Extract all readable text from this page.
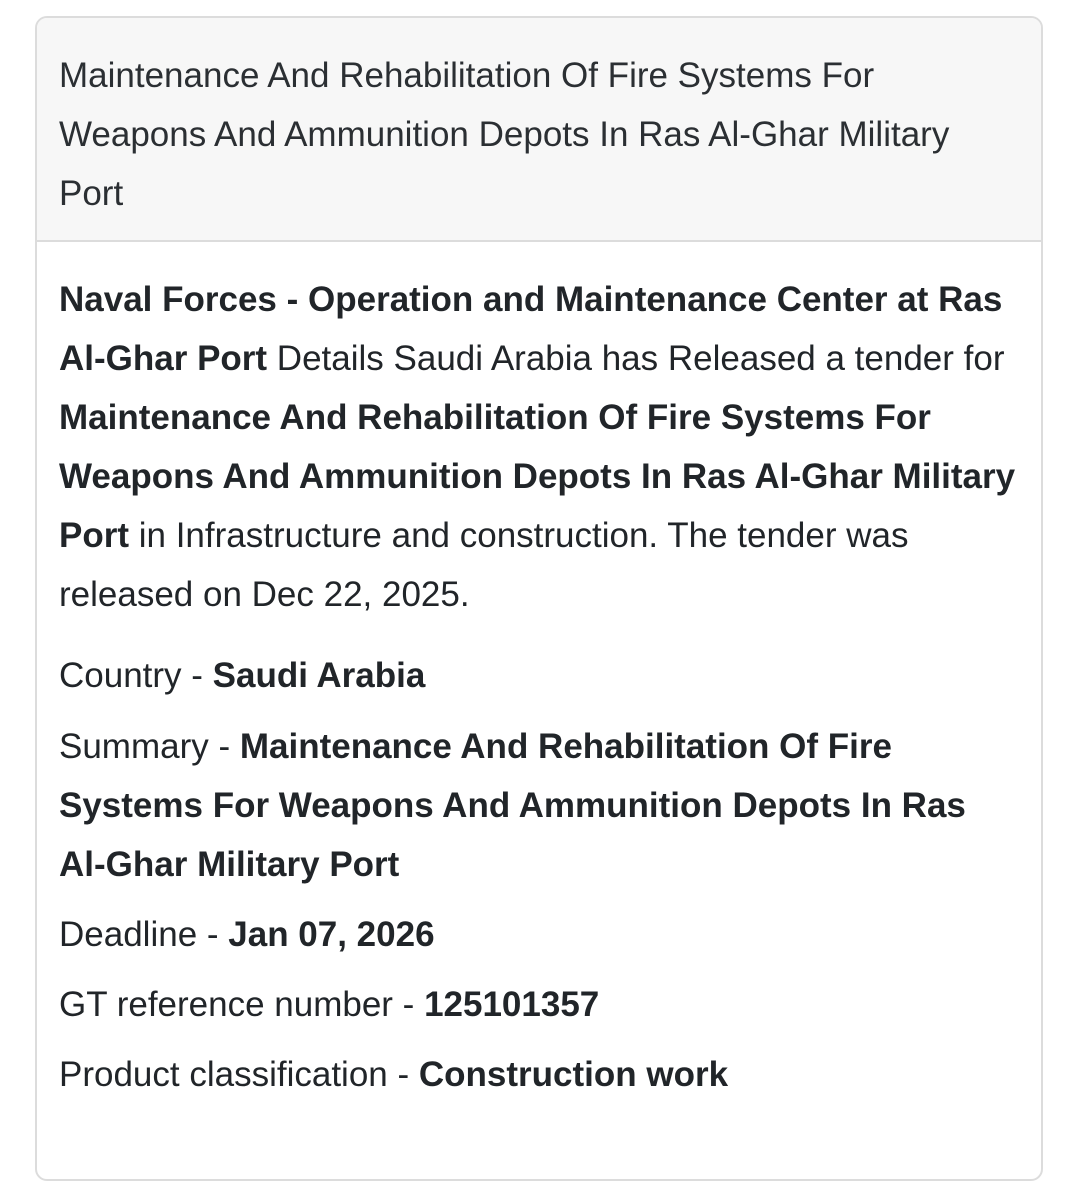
Maintenance And Rehabilitation Of Fire Systems For Weapons And Ammunition Depots In Ras Al-Ghar Military Port

Naval Forces - Operation and Maintenance Center at Ras Al-Ghar Port Details Saudi Arabia has Released a tender for Maintenance And Rehabilitation Of Fire Systems For Weapons And Ammunition Depots In Ras Al-Ghar Military Port in Infrastructure and construction. The tender was released on Dec 22, 2025.

Country - Saudi Arabia

Summary - Maintenance And Rehabilitation Of Fire Systems For Weapons And Ammunition Depots In Ras Al-Ghar Military Port

Deadline - Jan 07, 2026

GT reference number - 125101357

Product classification - Construction work
